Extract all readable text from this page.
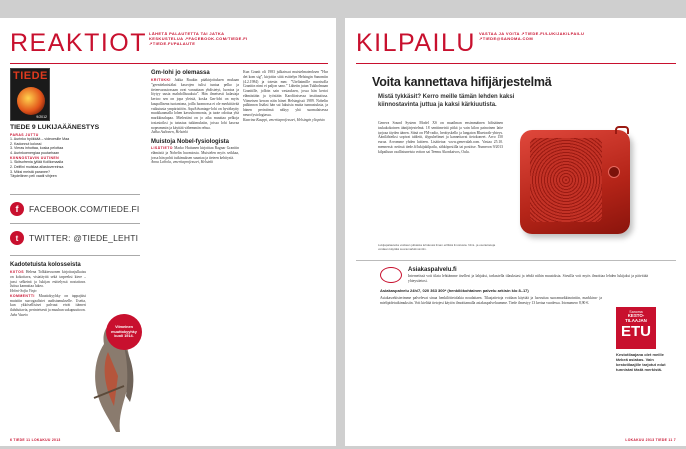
REAKTIOT LÄHETÄ PALAUTETTA TAI JATKA KESKUSTELUA ↗FACEBOOK.COM/TIEDE.FI ↗TIEDE.FI/PALAUTE
TIEDE
9/2012
TIEDE 9 LUKIJAÄÄNESTYS
PARAS JUTTU
1. Aurinko hyökkää – videoesille Maa
2. Kadonnut kolossi
3. Vieras inhottaa, koska pelottaa
4. Aurinkoenergiaa puutarhaan
KIINNOSTAVIN UUTINEN
1. Skitsofrenia jyllää Koilliomaalla
2. Delfiini muistaa allastovereinsa
3. Miksi meistä paranee?
Täydellinen peli vaatii vihjeen
f	FACEBOOK.COM/TIEDE.FI
t	TWITTER: @TIEDE_LEHTI
Kadotetuista kolosseista
KIITOS Helena Tolkkinvuonen kirjoitusjulkaisu on kokottava, visiatäyttä sekä tarpeeksi kiere – jussi selkeinä ja lukijan esittelyssä nostattava. Juttua kannattaa lukea.
Helmi-Sofia Vinjo
KOMMENTTI Muuttokyyhky on tappajäisi muistiin surrogaalisiet uudistamukselle. Useita, kun ykkösellisiset palvuut eivät itämeri ilahduttavia, perinteisesti ja muuhun sukupuuttoon.
Juha Vaario
Viimeinen muuttokyyhky kuoli 1914.
Gm-lohi jo olemassa
KRITIIKKI Jukka Ruukin pääkirjoituksen mukaan ”geeniteknisiäksi kasvojen tulisi tuntaa pelko ja tietenvarastossaan ovat varauttaan yhdistetyt, luontoa ja löytyy uusia mahdollisuuksia”. Hän ilmeisesti kalastaja kertoo sen on jopa yleistä, koska Gm-lohi on myös kaupallisena tuotantona, joilla luonnossa ei ole merkittävää vaikutusta ympäristöön. AquAdvantage-lohi on hyväksytty muokkaamalla lohen kasvuhormonia, ja tuote odottaa yhä markkinalupaa. Mielestäni on jo aika muuttaa pelkoja tosiasioiksi ja tutustua tutkimuksiin, joissa lohi kasvaa nopeammin ja käyttää vähemmän rehua.
Jukka Aaltonen, Helsinki
Muistoja Nobel-fysiologista
LISÄTIETO Marko Huttunen kirjoittaa Ragnar Granitin elämästä ja Nobelin huomiosta. Muistelen myös seikkaa, jossa hän pohti tutkimuksen suuntaa ja tieteen kehitystä.
Anna Leibola, emeritaprofessori, Helsinki
Kun Granit oli 1983 julkaissut muistelmateoksen ”Hur det kom sig”, kirjoitin siitä esittelyn Helsingin Sanomiin (4.2.1984) ja totesin mm: ”Uteliaimille nuorisolla Granitin nimi ei paljon sano.” Lähetin jutun Tukholmaan Granitille, jolloin sain vastauksen, jossa hän kertoi elämästään ja työstään Karoliinisessa instituutissa. Viimeisen kerran näin hänet Helsingissä 1989. Nobelin palkinnon lisäksi hän sai lukuisia muita tunnustuksia, ja hänen perintönsä näkyy yhä suomalaisessa neurofysiologiassa.
Kaarina Kauppi, emeritaprofessori, Helsingin yliopisto
6 TIEDE 11 LOKAKUU 2013
KILPAILU VASTAA JA VOITA ↗TIEDE.FI/LUKIJAKILPAILU ↗TIEDE@SANOMA.COM
Voita kannettava hifijärjestelmä
Mistä tykkäsit? Kerro meille tämän lehden kaksi kiinnostavinta juttua ja kaksi kärkiuutista.
Geneva Sound System Model XS on maailman ensimmäinen hifisäänen taskukokoinen äänijärjestelmä. 18 senttimetriä pitkä ja vain kilon painoinen laite tarjoaa täyden äänen. Siinä on FM-radio, herätyskello ja langaton Bluetooth-yhteys. Äänilähteiksi sopivat tabletit, älypuhelimet ja kannettavat tietokoneet. Arvo 150 euroa. Arvomme yhden laitteen. Lisätietoa: www.genevalab.com. Vastaa 25.10. mennessä: netissä tiede.fi/lukijakilpailu, sähköpostilla tai postitse. Numeron 9/2013 kilpailuun osallistuneista voiton sai Teemu Akonkaivos, Oulu.
Lukijapalautetta voidaan julkaista lehdessä ilman erillistä ilmoitusta. Nimi- ja osoitetietoja voidaan käyttää suoramarkkinointiin.
Asiakaspalvelu.fi
Internetissä voit tilata lehtiämme itsellesi ja lahjaksi, tarkastella tilauksiasi ja tehdä niihin muutoksia. Sivuilla voit myös ilmoittaa lehden lukijaksi ja päivittää yhteystietosi.
Asiakaspalvelu 24h/7, 020 363 300* (henkilökohtainen palvelu arkisin klo 8–17)
Asiakasrekisterimme palvelevat sinua henkilötietolakia noudattaen. Tilaajatietoja voidaan käyttää ja luovuttaa suoramarkkinointiin, markkina- ja mielipidetutkimuksiin. Voit kieltää tietojesi käytön ilmoittamalla asiakaspalveluumme. Tiede ilmestyy 13 kertaa vuodessa. Irtonumero 8,90 €.
Sanoma
KESTO-TILAAJAN
ETU
Kestotilaajana olet meille tärkeä asiakas. Vain kestotilaajille tarjotut edut tunnistat tästä merkistä.
LOKAKUU 2013 TIEDE 11 7
